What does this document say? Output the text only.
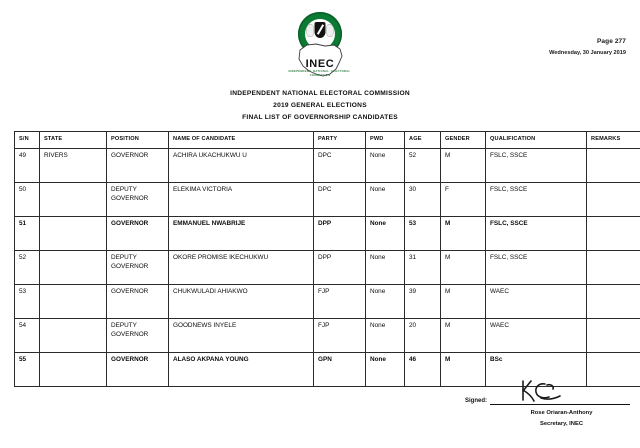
Page 277
Wednesday, 30 January 2019
INEC
INDEPENDENT  NATIONAL  ELECTORAL  COMMISSION
INDEPENDENT NATIONAL ELECTORAL COMMISSION
2019 GENERAL ELECTIONS
FINAL LIST OF GOVERNORSHIP CANDIDATES
S/N	STATE	POSITION	NAME OF CANDIDATE	PARTY	PWD	AGE	GENDER	QUALIFICATION	REMARKS
49	RIVERS	GOVERNOR	ACHIRA UKACHUKWU U	DPC	None	52	M	FSLC, SSCE	
50		DEPUTY GOVERNOR	ELEKIMA VICTORIA	DPC	None	30	F	FSLC, SSCE	
51		GOVERNOR	EMMANUEL NWABRIJE	DPP	None	53	M	FSLC, SSCE	
52		DEPUTY GOVERNOR	OKORE PROMISE IKECHUKWU	DPP	None	31	M	FSLC, SSCE	
53		GOVERNOR	CHUKWULADI AHIAKWO	FJP	None	39	M	WAEC	
54		DEPUTY GOVERNOR	GOODNEWS INYELE	FJP	None	20	M	WAEC	
55		GOVERNOR	ALASO AKPANA YOUNG	GPN	None	46	M	BSc	
Signed:
Rose Oriaran-Anthony
Secretary, INEC
